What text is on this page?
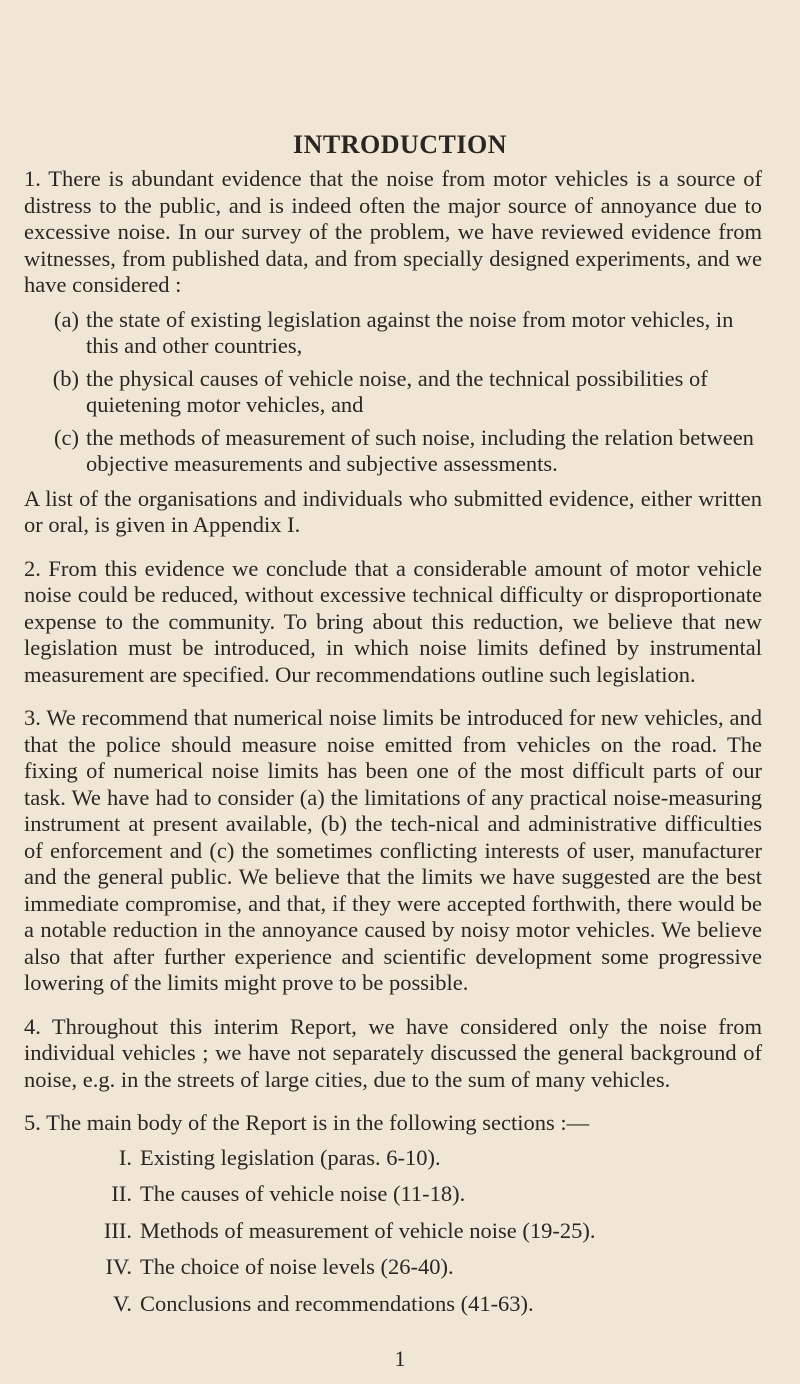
INTRODUCTION

1. There is abundant evidence that the noise from motor vehicles is a source of distress to the public, and is indeed often the major source of annoyance due to excessive noise. In our survey of the problem, we have reviewed evidence from witnesses, from published data, and from specially designed experiments, and we have considered :

(a) the state of existing legislation against the noise from motor vehicles, in this and other countries,
(b) the physical causes of vehicle noise, and the technical possibilities of quietening motor vehicles, and
(c) the methods of measurement of such noise, including the relation between objective measurements and subjective assessments.

A list of the organisations and individuals who submitted evidence, either written or oral, is given in Appendix I.

2. From this evidence we conclude that a considerable amount of motor vehicle noise could be reduced, without excessive technical difficulty or disproportionate expense to the community. To bring about this reduction, we believe that new legislation must be introduced, in which noise limits defined by instrumental measurement are specified. Our recommendations outline such legislation.

3. We recommend that numerical noise limits be introduced for new vehicles, and that the police should measure noise emitted from vehicles on the road. The fixing of numerical noise limits has been one of the most difficult parts of our task. We have had to consider (a) the limitations of any practical noise-measuring instrument at present available, (b) the tech-nical and administrative difficulties of enforcement and (c) the sometimes conflicting interests of user, manufacturer and the general public. We believe that the limits we have suggested are the best immediate compromise, and that, if they were accepted forthwith, there would be a notable reduction in the annoyance caused by noisy motor vehicles. We believe also that after further experience and scientific development some progressive lowering of the limits might prove to be possible.

4. Throughout this interim Report, we have considered only the noise from individual vehicles ; we have not separately discussed the general background of noise, e.g. in the streets of large cities, due to the sum of many vehicles.

5. The main body of the Report is in the following sections :—

I. Existing legislation (paras. 6-10).
II. The causes of vehicle noise (11-18).
III. Methods of measurement of vehicle noise (19-25).
IV. The choice of noise levels (26-40).
V. Conclusions and recommendations (41-63).
1
